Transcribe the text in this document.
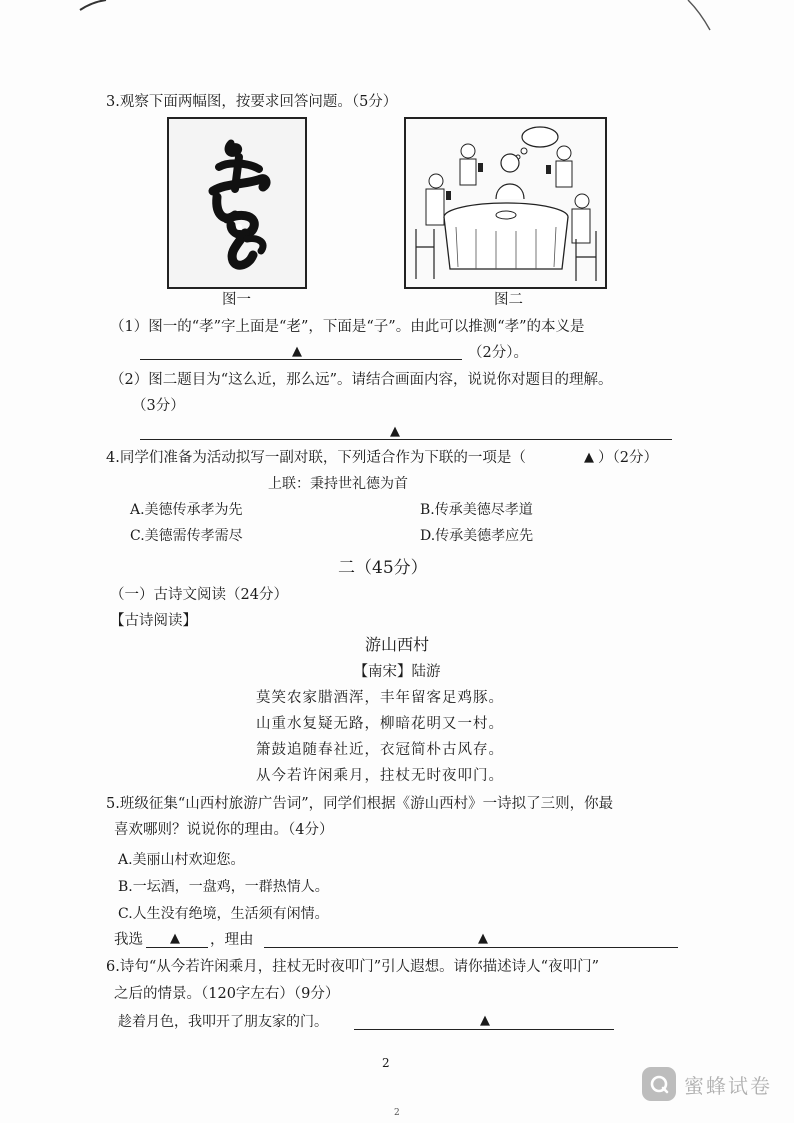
3.观察下面两幅图，按要求回答问题。（5分）
图一	图二
（1）图一的“孝”字上面是“老”，下面是“子”。由此可以推测“孝”的本义是
▲	（2分）。
（2）图二题目为“这么近，那么远”。请结合画面内容，说说你对题目的理解。
（3分）
▲
4.同学们准备为活动拟写一副对联，下列适合作为下联的一项是（	▲ ）（2分）
上联：秉持世礼德为首
A.美德传承孝为先	B.传承美德尽孝道
C.美德需传孝需尽	D.传承美德孝应先
二（45分）
（一）古诗文阅读（24分）
【古诗阅读】
游山西村
【南宋】陆游
莫笑农家腊酒浑，丰年留客足鸡豚。
山重水复疑无路，柳暗花明又一村。
箫鼓追随春社近，衣冠简朴古风存。
从今若许闲乘月，拄杖无时夜叩门。
5.班级征集“山西村旅游广告词”，同学们根据《游山西村》一诗拟了三则，你最
喜欢哪则？说说你的理由。（4分）
A.美丽山村欢迎您。
B.一坛酒，一盘鸡，一群热情人。
C.人生没有绝境，生活须有闲情。
我选 ▲ ，理由	▲
6.诗句“从今若许闲乘月，拄杖无时夜叩门”引人遐想。请你描述诗人“夜叩门”
之后的情景。（120字左右）（9分）
趁着月色，我叩开了朋友家的门。	▲
2
2
蜜蜂试卷
